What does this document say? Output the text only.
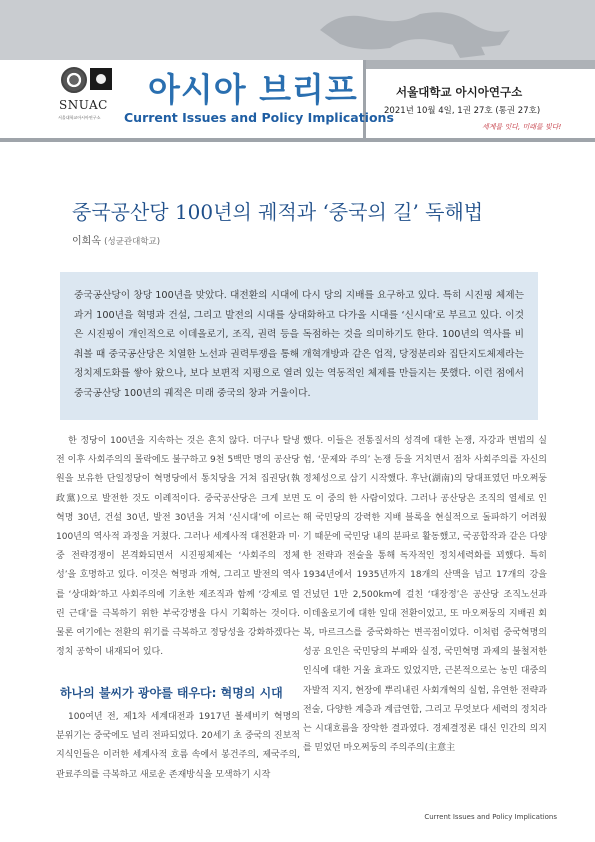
SNUAC
서울대학교아시아연구소
아시아 브리프
Current Issues and Policy Implications
서울대학교 아시아연구소
2021년 10월 4일, 1권 27호 (통권 27호)
세계를 잇다, 미래를 빚다!
중국공산당 100년의 궤적과 ‘중국의 길’ 독해법
이희옥 (성균관대학교)

중국공산당이 창당 100년을 맞았다. 대전환의 시대에 다시 당의 지배를 요구하고 있다. 특히 시진핑 체제는 과거 100년을 혁명과 건설, 그리고 발전의 시대를 상대화하고 다가올 시대를 ‘신시대’로 부르고 있다. 이것은 시진핑이 개인적으로 이데올로기, 조직, 권력 등을 독점하는 것을 의미하기도 한다. 100년의 역사를 비춰볼 때 중국공산당은 치열한 노선과 권력투쟁을 통해 개혁개방과 같은 업적, 당정분리와 집단지도체제라는 정치제도화를 쌓아 왔으나, 보다 보편적 지평으로 열려 있는 역동적인 체제를 만들지는 못했다. 이런 점에서 중국공산당 100년의 궤적은 미래 중국의 창과 거울이다.

한 정당이 100년을 지속하는 것은 흔치 않다. 더구나 탈냉전 이후 사회주의의 몰락에도 불구하고 9천 5백만 명의 공산당원을 보유한 단일정당이 혁명당에서 통치당을 거쳐 집권당(執政黨)으로 발전한 것도 이례적이다. 중국공산당은 크게 보면 혁명 30년, 건설 30년, 발전 30년을 거쳐 ‘신시대’에 이르는 100년의 역사적 과정을 거쳤다. 그러나 세계사적 대전환과 미·중 전략경쟁이 본격화되면서 시진핑체제는 ‘사회주의 정체성’을 호명하고 있다. 이것은 혁명과 개혁, 그리고 발전의 역사를 ‘상대화’하고 사회주의에 기초한 제조직과 함께 ‘강제로 열린 근대’를 극복하기 위한 부국강병을 다시 기획하는 것이다. 물론 여기에는 전환의 위기를 극복하고 정당성을 강화하겠다는 정치 공학이 내재되어 있다.

하나의 불씨가 광야를 태우다: 혁명의 시대

100여년 전, 제1차 세계대전과 1917년 볼셰비키 혁명의 분위기는 중국에도 널리 전파되었다. 20세기 초 중국의 진보적 지식인들은 이러한 세계사적 흐름 속에서 봉건주의, 제국주의, 관료주의를 극복하고 새로운 존재방식을 모색하기 시작

했다. 이들은 전통질서의 성격에 대한 논쟁, 자강과 변법의 실험, ‘문제와 주의’ 논쟁 등을 거치면서 점차 사회주의를 자신의 정체성으로 삼기 시작했다. 후난(湖南)의 당대표였던 마오쩌둥도 이 중의 한 사람이었다. 그러나 공산당은 조직의 열세로 인해 국민당의 강력한 지배 블록을 현실적으로 돌파하기 어려웠기 때문에 국민당 내의 분파로 활동했고, 국공합작과 같은 다양한 전략과 전술을 통해 독자적인 정치세력화를 꾀했다. 특히 1934년에서 1935년까지 18개의 산맥을 넘고 17개의 강을 건넜던 1만 2,500km에 걸친 ‘대장정’은 공산당 조직노선과 이데올로기에 대한 일대 전환이었고, 또 마오쩌둥의 지배권 회복, 마르크스를 중국화하는 변곡점이었다. 이처럼 중국혁명의 성공 요인은 국민당의 부패와 실정, 국민혁명 과제의 불철저한 인식에 대한 거울 효과도 있었지만, 근본적으로는 농민 대중의 자발적 지지, 현장에 뿌리내린 사회개혁의 실험, 유연한 전략과 전술, 다양한 계층과 계급연합, 그리고 무엇보다 세력의 정치라는 시대흐름을 장악한 결과였다. 경제결정론 대신 인간의 의지를 믿었던 마오쩌둥의 주의주의(主意主

Current Issues and Policy Implications
